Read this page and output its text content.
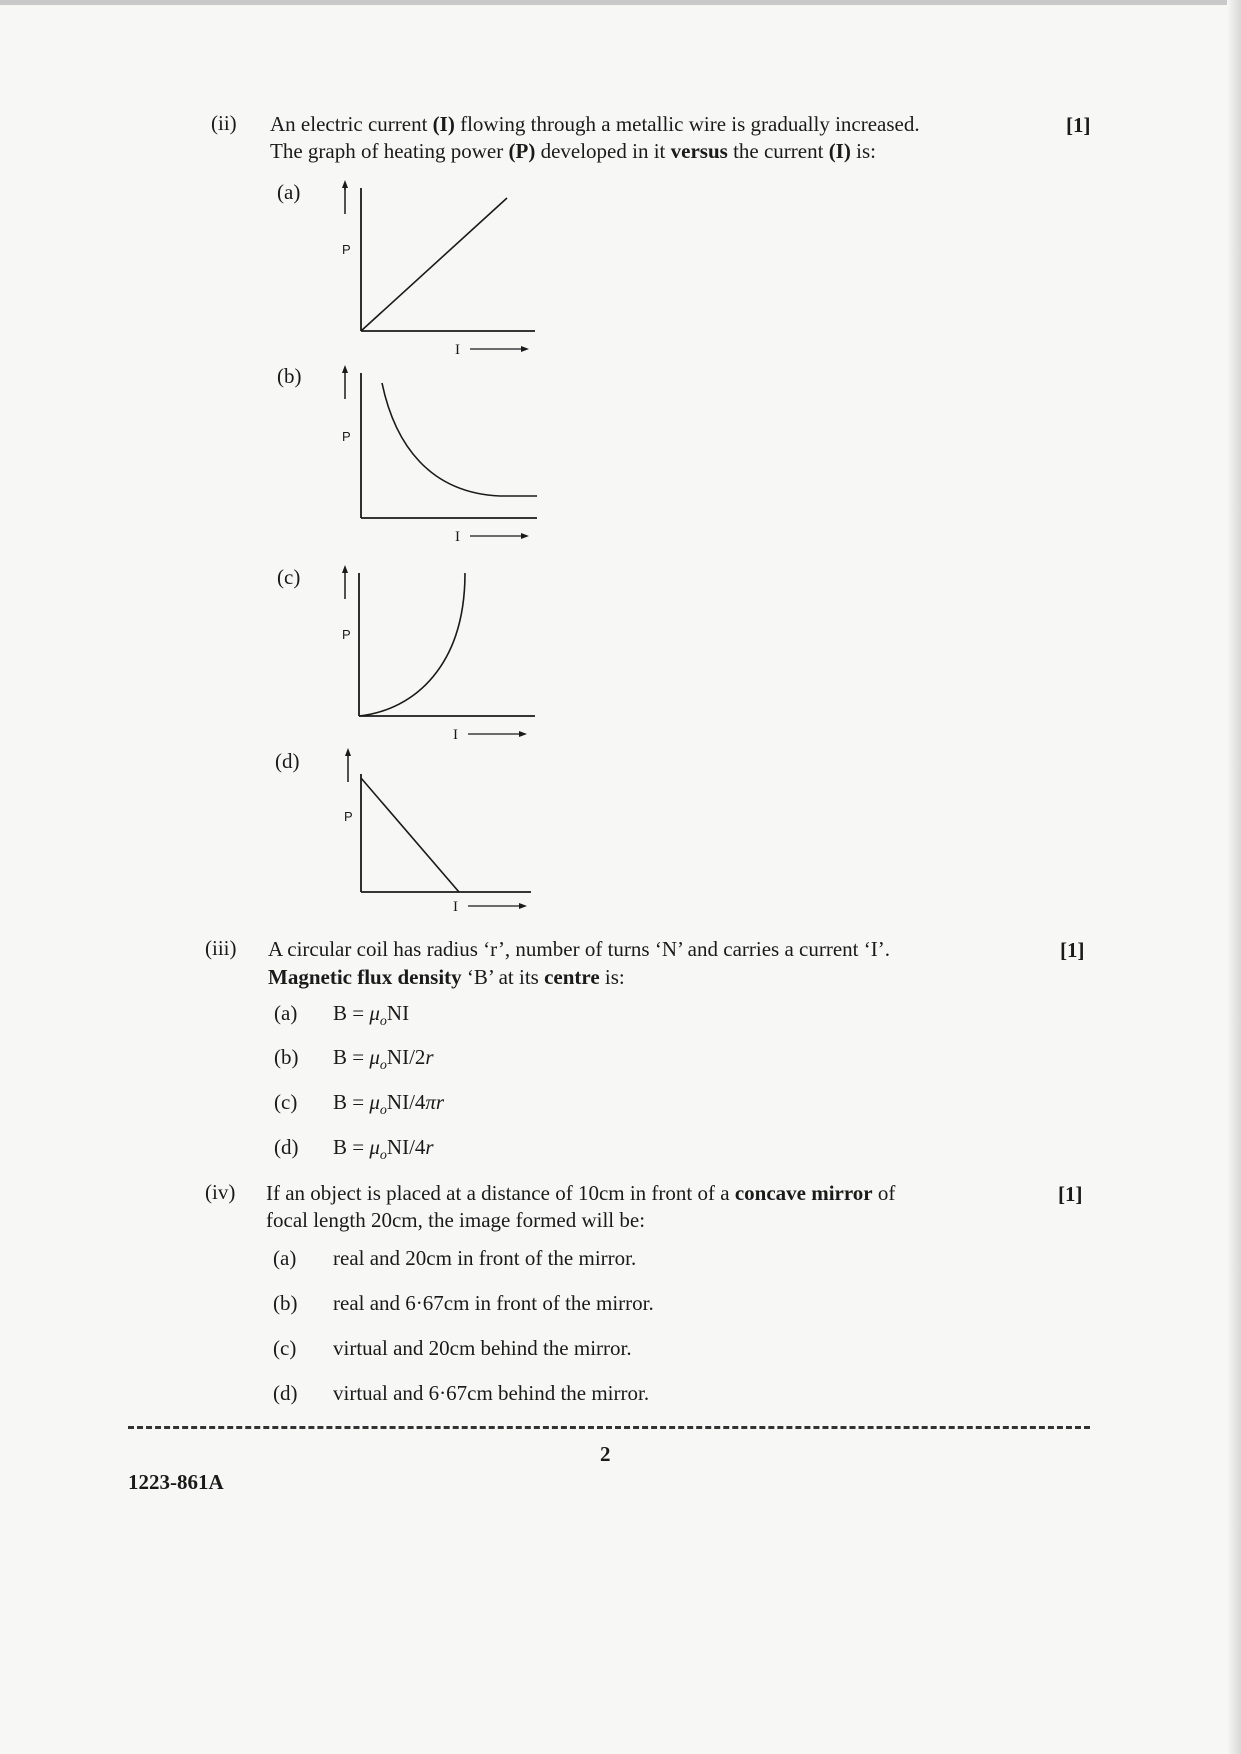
(ii) An electric current (I) flowing through a metallic wire is gradually increased.
The graph of heating power (P) developed in it versus the current (I) is:
[1]
(a)
P
I
(b)
P
I
(c)
P
I
(d)
P
I
(iii) A circular coil has radius ‘r’, number of turns ‘N’ and carries a current ‘I’.
Magnetic flux density ‘B’ at its centre is:
[1]
(a) $B = \mu_oNI$
(b) $B = \mu_oNI/2r$
(c) $B = \mu_oNI/4\pi r$
(d) $B = \mu_oNI/4r$
(iv) If an object is placed at a distance of 10cm in front of a concave mirror of
focal length 20cm, the image formed will be:
[1]
(a) real and 20cm in front of the mirror.
(b) real and 6·67cm in front of the mirror.
(c) virtual and 20cm behind the mirror.
(d) virtual and 6·67cm behind the mirror.
2
1223-861A
